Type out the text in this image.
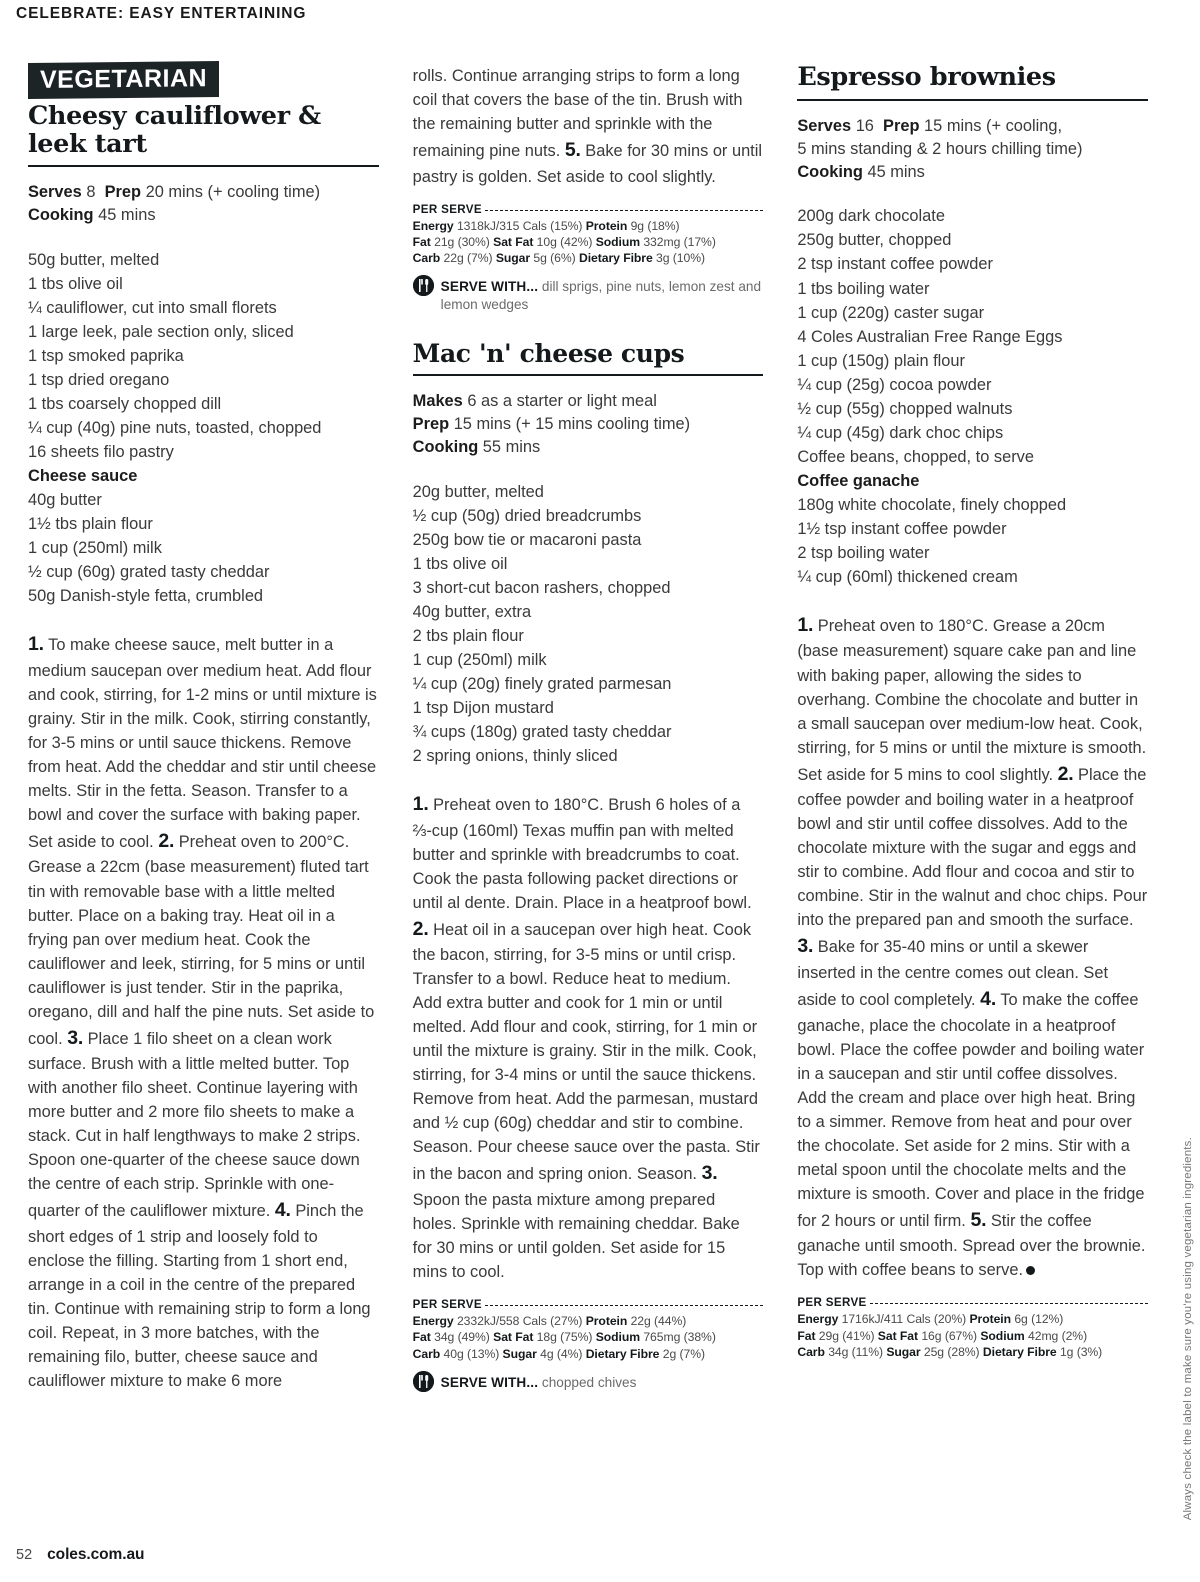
CELEBRATE: EASY ENTERTAINING
VEGETARIAN
Cheesy cauliflower & leek tart

Serves 8 Prep 20 mins (+ cooling time)
Cooking 45 mins

50g butter, melted
1 tbs olive oil
¼ cauliflower, cut into small florets
1 large leek, pale section only, sliced
1 tsp smoked paprika
1 tsp dried oregano
1 tbs coarsely chopped dill
¼ cup (40g) pine nuts, toasted, chopped
16 sheets filo pastry
Cheese sauce
40g butter
1½ tbs plain flour
1 cup (250ml) milk
½ cup (60g) grated tasty cheddar
50g Danish-style fetta, crumbled

1. To make cheese sauce, melt butter in a medium saucepan over medium heat. Add flour and cook, stirring, for 1-2 mins or until mixture is grainy. Stir in the milk. Cook, stirring constantly, for 3-5 mins or until sauce thickens. Remove from heat. Add the cheddar and stir until cheese melts. Stir in the fetta. Season. Transfer to a bowl and cover the surface with baking paper. Set aside to cool. 2. Preheat oven to 200°C. Grease a 22cm (base measurement) fluted tart tin with removable base with a little melted butter. Place on a baking tray. Heat oil in a frying pan over medium heat. Cook the cauliflower and leek, stirring, for 5 mins or until cauliflower is just tender. Stir in the paprika, oregano, dill and half the pine nuts. Set aside to cool. 3. Place 1 filo sheet on a clean work surface. Brush with a little melted butter. Top with another filo sheet. Continue layering with more butter and 2 more filo sheets to make a stack. Cut in half lengthways to make 2 strips. Spoon one-quarter of the cheese sauce down the centre of each strip. Sprinkle with one-quarter of the cauliflower mixture. 4. Pinch the short edges of 1 strip and loosely fold to enclose the filling. Starting from 1 short end, arrange in a coil in the centre of the prepared tin. Continue with remaining strip to form a long coil. Repeat, in 3 more batches, with the remaining filo, butter, cheese sauce and cauliflower mixture to make 6 more

rolls. Continue arranging strips to form a long coil that covers the base of the tin. Brush with the remaining butter and sprinkle with the remaining pine nuts. 5. Bake for 30 mins or until pastry is golden. Set aside to cool slightly.

PER SERVE
Energy 1318kJ/315 Cals (15%) Protein 9g (18%)
Fat 21g (30%) Sat Fat 10g (42%) Sodium 332mg (17%)
Carb 22g (7%) Sugar 5g (6%) Dietary Fibre 3g (10%)
SERVE WITH... dill sprigs, pine nuts, lemon zest and lemon wedges
Mac 'n' cheese cups

Makes 6 as a starter or light meal
Prep 15 mins (+ 15 mins cooling time)
Cooking 55 mins

20g butter, melted
½ cup (50g) dried breadcrumbs
250g bow tie or macaroni pasta
1 tbs olive oil
3 short-cut bacon rashers, chopped
40g butter, extra
2 tbs plain flour
1 cup (250ml) milk
¼ cup (20g) finely grated parmesan
1 tsp Dijon mustard
¾ cups (180g) grated tasty cheddar
2 spring onions, thinly sliced

1. Preheat oven to 180°C. Brush 6 holes of a ⅔-cup (160ml) Texas muffin pan with melted butter and sprinkle with breadcrumbs to coat. Cook the pasta following packet directions or until al dente. Drain. Place in a heatproof bowl. 2. Heat oil in a saucepan over high heat. Cook the bacon, stirring, for 3-5 mins or until crisp. Transfer to a bowl. Reduce heat to medium. Add extra butter and cook for 1 min or until melted. Add flour and cook, stirring, for 1 min or until the mixture is grainy. Stir in the milk. Cook, stirring, for 3-4 mins or until the sauce thickens. Remove from heat. Add the parmesan, mustard and ½ cup (60g) cheddar and stir to combine. Season. Pour cheese sauce over the pasta. Stir in the bacon and spring onion. Season. 3. Spoon the pasta mixture among prepared holes. Sprinkle with remaining cheddar. Bake for 30 mins or until golden. Set aside for 15 mins to cool.

PER SERVE
Energy 2332kJ/558 Cals (27%) Protein 22g (44%)
Fat 34g (49%) Sat Fat 18g (75%) Sodium 765mg (38%)
Carb 40g (13%) Sugar 4g (4%) Dietary Fibre 2g (7%)
SERVE WITH... chopped chives
Espresso brownies

Serves 16 Prep 15 mins (+ cooling,
5 mins standing & 2 hours chilling time)
Cooking 45 mins

200g dark chocolate
250g butter, chopped
2 tsp instant coffee powder
1 tbs boiling water
1 cup (220g) caster sugar
4 Coles Australian Free Range Eggs
1 cup (150g) plain flour
¼ cup (25g) cocoa powder
½ cup (55g) chopped walnuts
¼ cup (45g) dark choc chips
Coffee beans, chopped, to serve
Coffee ganache
180g white chocolate, finely chopped
1½ tsp instant coffee powder
2 tsp boiling water
¼ cup (60ml) thickened cream

1. Preheat oven to 180°C. Grease a 20cm (base measurement) square cake pan and line with baking paper, allowing the sides to overhang. Combine the chocolate and butter in a small saucepan over medium-low heat. Cook, stirring, for 5 mins or until the mixture is smooth. Set aside for 5 mins to cool slightly. 2. Place the coffee powder and boiling water in a heatproof bowl and stir until coffee dissolves. Add to the chocolate mixture with the sugar and eggs and stir to combine. Add flour and cocoa and stir to combine. Stir in the walnut and choc chips. Pour into the prepared pan and smooth the surface. 3. Bake for 35-40 mins or until a skewer inserted in the centre comes out clean. Set aside to cool completely. 4. To make the coffee ganache, place the chocolate in a heatproof bowl. Place the coffee powder and boiling water in a saucepan and stir until coffee dissolves. Add the cream and place over high heat. Bring to a simmer. Remove from heat and pour over the chocolate. Set aside for 2 mins. Stir with a metal spoon until the chocolate melts and the mixture is smooth. Cover and place in the fridge for 2 hours or until firm. 5. Stir the coffee ganache until smooth. Spread over the brownie. Top with coffee beans to serve.

PER SERVE
Energy 1716kJ/411 Cals (20%) Protein 6g (12%)
Fat 29g (41%) Sat Fat 16g (67%) Sodium 42mg (2%)
Carb 34g (11%) Sugar 25g (28%) Dietary Fibre 1g (3%)	Always check the label to make sure you're using vegetarian ingredients.
52 coles.com.au
